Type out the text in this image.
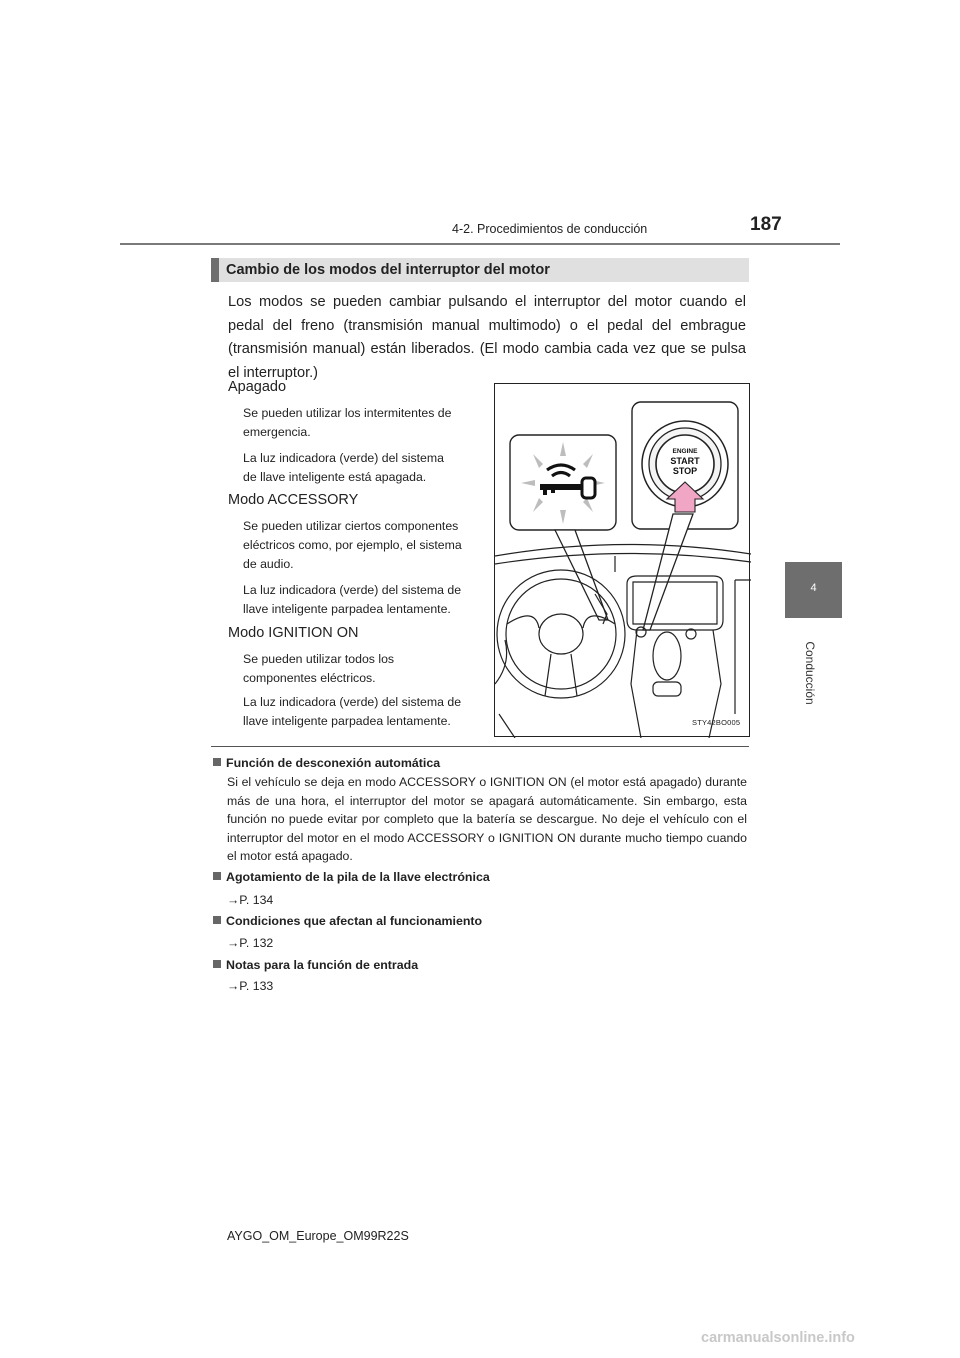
4-2. Procedimientos de conducción	187
4
Conducción
Cambio de los modos del interruptor del motor

Los modos se pueden cambiar pulsando el interruptor del motor cuando el pedal del freno (transmisión manual multimodo) o el pedal del embrague (transmisión manual) están liberados. (El modo cambia cada vez que se pulsa el interruptor.)

Apagado

Se pueden utilizar los intermitentes de
emergencia.

La luz indicadora (verde) del sistema
de llave inteligente está apagada.

Modo ACCESSORY

Se pueden utilizar ciertos componentes
eléctricos como, por ejemplo, el sistema
de audio.

La luz indicadora (verde) del sistema de
llave inteligente parpadea lentamente.

Modo IGNITION ON

Se pueden utilizar todos los
componentes eléctricos.

La luz indicadora (verde) del sistema de
llave inteligente parpadea lentamente.

ENGINE
START
STOP
STY42BO005
Función de desconexión automática

Si el vehículo se deja en modo ACCESSORY o IGNITION ON (el motor está apagado) durante más de una hora, el interruptor del motor se apagará automáticamente. Sin embargo, esta función no puede evitar por completo que la batería se descargue. No deje el vehículo con el interruptor del motor en el modo ACCESSORY o IGNITION ON durante mucho tiempo cuando el motor está apagado.

Agotamiento de la pila de la llave electrónica
→P. 134
Condiciones que afectan al funcionamiento
→P. 132
Notas para la función de entrada
→P. 133
AYGO_OM_Europe_OM99R22S
carmanualsonline.info
